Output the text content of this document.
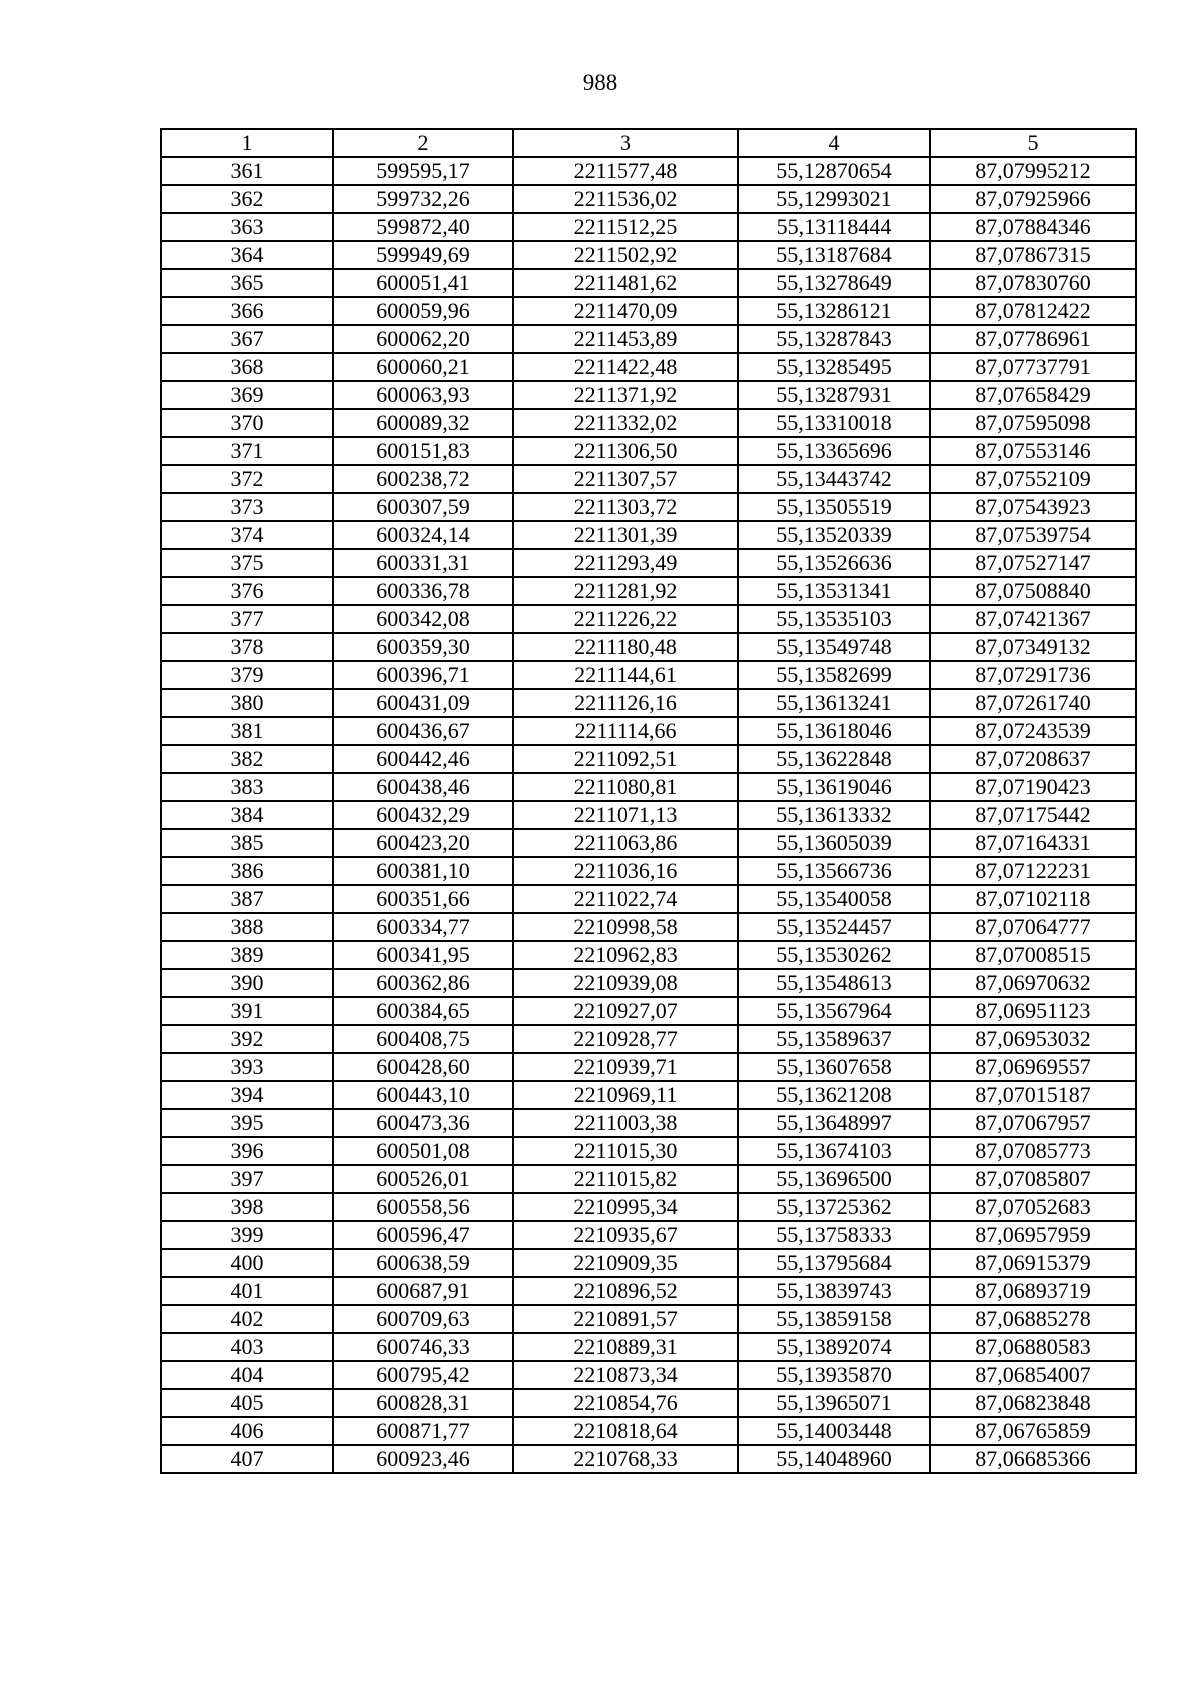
988
1	2	3	4	5
361	599595,17	2211577,48	55,12870654	87,07995212
362	599732,26	2211536,02	55,12993021	87,07925966
363	599872,40	2211512,25	55,13118444	87,07884346
364	599949,69	2211502,92	55,13187684	87,07867315
365	600051,41	2211481,62	55,13278649	87,07830760
366	600059,96	2211470,09	55,13286121	87,07812422
367	600062,20	2211453,89	55,13287843	87,07786961
368	600060,21	2211422,48	55,13285495	87,07737791
369	600063,93	2211371,92	55,13287931	87,07658429
370	600089,32	2211332,02	55,13310018	87,07595098
371	600151,83	2211306,50	55,13365696	87,07553146
372	600238,72	2211307,57	55,13443742	87,07552109
373	600307,59	2211303,72	55,13505519	87,07543923
374	600324,14	2211301,39	55,13520339	87,07539754
375	600331,31	2211293,49	55,13526636	87,07527147
376	600336,78	2211281,92	55,13531341	87,07508840
377	600342,08	2211226,22	55,13535103	87,07421367
378	600359,30	2211180,48	55,13549748	87,07349132
379	600396,71	2211144,61	55,13582699	87,07291736
380	600431,09	2211126,16	55,13613241	87,07261740
381	600436,67	2211114,66	55,13618046	87,07243539
382	600442,46	2211092,51	55,13622848	87,07208637
383	600438,46	2211080,81	55,13619046	87,07190423
384	600432,29	2211071,13	55,13613332	87,07175442
385	600423,20	2211063,86	55,13605039	87,07164331
386	600381,10	2211036,16	55,13566736	87,07122231
387	600351,66	2211022,74	55,13540058	87,07102118
388	600334,77	2210998,58	55,13524457	87,07064777
389	600341,95	2210962,83	55,13530262	87,07008515
390	600362,86	2210939,08	55,13548613	87,06970632
391	600384,65	2210927,07	55,13567964	87,06951123
392	600408,75	2210928,77	55,13589637	87,06953032
393	600428,60	2210939,71	55,13607658	87,06969557
394	600443,10	2210969,11	55,13621208	87,07015187
395	600473,36	2211003,38	55,13648997	87,07067957
396	600501,08	2211015,30	55,13674103	87,07085773
397	600526,01	2211015,82	55,13696500	87,07085807
398	600558,56	2210995,34	55,13725362	87,07052683
399	600596,47	2210935,67	55,13758333	87,06957959
400	600638,59	2210909,35	55,13795684	87,06915379
401	600687,91	2210896,52	55,13839743	87,06893719
402	600709,63	2210891,57	55,13859158	87,06885278
403	600746,33	2210889,31	55,13892074	87,06880583
404	600795,42	2210873,34	55,13935870	87,06854007
405	600828,31	2210854,76	55,13965071	87,06823848
406	600871,77	2210818,64	55,14003448	87,06765859
407	600923,46	2210768,33	55,14048960	87,06685366
